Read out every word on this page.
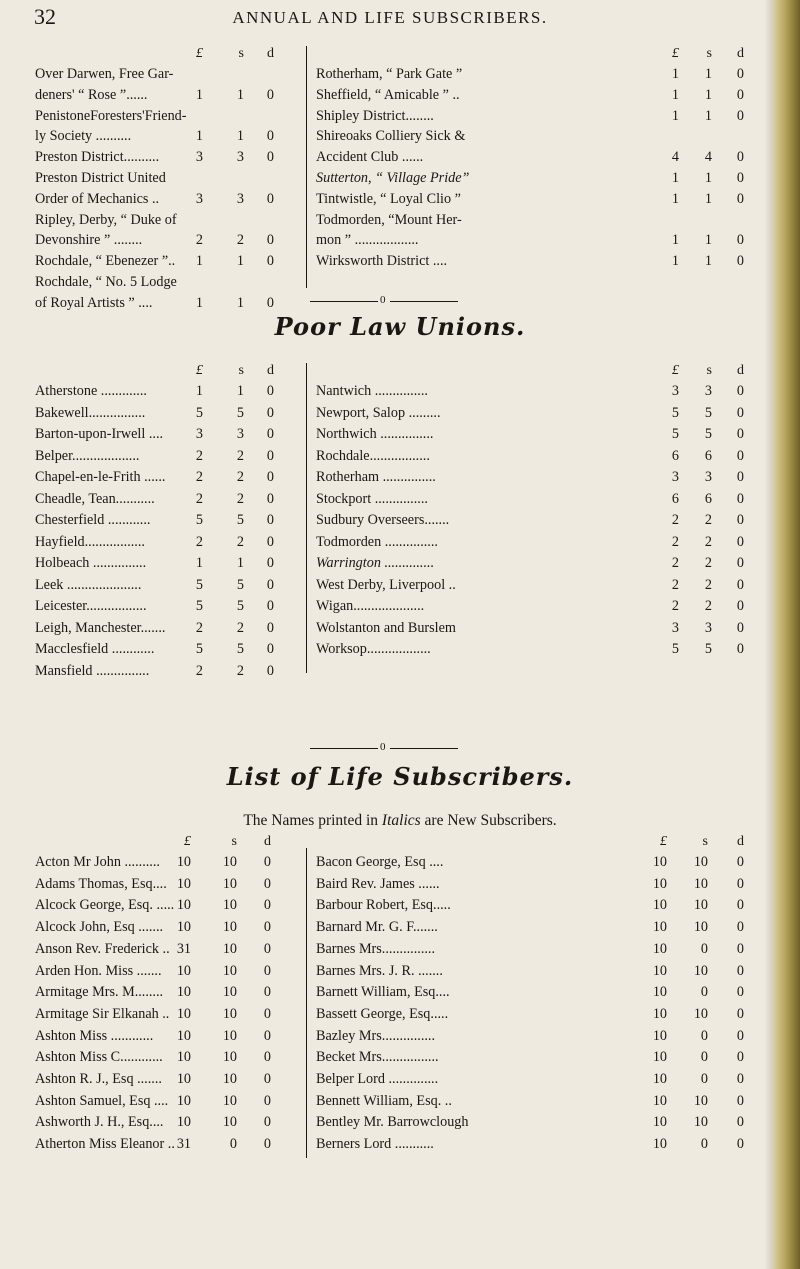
32	ANNUAL AND LIFE SUBSCRIBERS.
£	s	d
Over Darwen, Free Gar-
deners' “ Rose ”......	1	1	0
PenistoneForesters'Friend-
ly Society ..........	1	1	0
Preston District..........	3	3	0
Preston District United
Order of Mechanics ..	3	3	0
Ripley, Derby, “ Duke of
Devonshire ” ........	2	2	0
Rochdale, “ Ebenezer ”..	1	1	0
Rochdale, “ No. 5 Lodge
of Royal Artists ” ....	1	1	0
£	s	d
Rotherham, “ Park Gate ”	1	1	0
Sheffield, “ Amicable ” ..	1	1	0
Shipley District........	1	1	0
Shireoaks Colliery Sick &
Accident Club ......	4	4	0
Sutterton, “ Village Pride”	1	1	0
Tintwistle, “ Loyal Clio ”	1	1	0
Todmorden, “Mount Her-
mon ” ..................	1	1	0
Wirksworth District ....	1	1	0
0
Poor Law Unions.
£	s	d
Atherstone .............	1	1	0
Bakewell................	5	5	0
Barton-upon-Irwell ....	3	3	0
Belper...................	2	2	0
Chapel-en-le-Frith ......	2	2	0
Cheadle, Tean...........	2	2	0
Chesterfield ............	5	5	0
Hayfield.................	2	2	0
Holbeach ...............	1	1	0
Leek .....................	5	5	0
Leicester.................	5	5	0
Leigh, Manchester.......	2	2	0
Macclesfield ............	5	5	0
Mansfield ...............	2	2	0
£	s	d
Nantwich ...............	3	3	0
Newport, Salop .........	5	5	0
Northwich ...............	5	5	0
Rochdale.................	6	6	0
Rotherham ...............	3	3	0
Stockport ...............	6	6	0
Sudbury Overseers.......	2	2	0
Todmorden ...............	2	2	0
Warrington ..............	2	2	0
West Derby, Liverpool ..	2	2	0
Wigan....................	2	2	0
Wolstanton and Burslem	3	3	0
Worksop..................	5	5	0
0
List of Life Subscribers.
The Names printed in Italics are New Subscribers.
£	s	d
Acton Mr John ..........	10	10	0
Adams Thomas, Esq.... 10	10	0
Alcock George, Esq. ..... 10	10	0
Alcock John, Esq ....... 10	10	0
Anson Rev. Frederick .. 31	10	0
Arden Hon. Miss .......	10	10	0
Armitage Mrs. M........ 10	10	0
Armitage Sir Elkanah .. 10	10	0
Ashton Miss ............	10	10	0
Ashton Miss C............ 10	10	0
Ashton R. J., Esq .......	10	10	0
Ashton Samuel, Esq .... 10	10	0
Ashworth J. H., Esq.... 10	10	0
Atherton Miss Eleanor .. 31	0	0
£	s	d
Bacon George, Esq ....	10	10	0
Baird Rev. James ......	10	10	0
Barbour Robert, Esq.....	10	10	0
Barnard Mr. G. F.......	10	10	0
Barnes Mrs...............	10	0	0
Barnes Mrs. J. R. .......	10	10	0
Barnett William, Esq....	10	0	0
Bassett George, Esq.....	10	10	0
Bazley Mrs...............	10	0	0
Becket Mrs................	10	0	0
Belper Lord ..............	10	0	0
Bennett William, Esq. ..	10	10	0
Bentley Mr. Barrowclough	10	10	0
Berners Lord ...........	10	0	0
